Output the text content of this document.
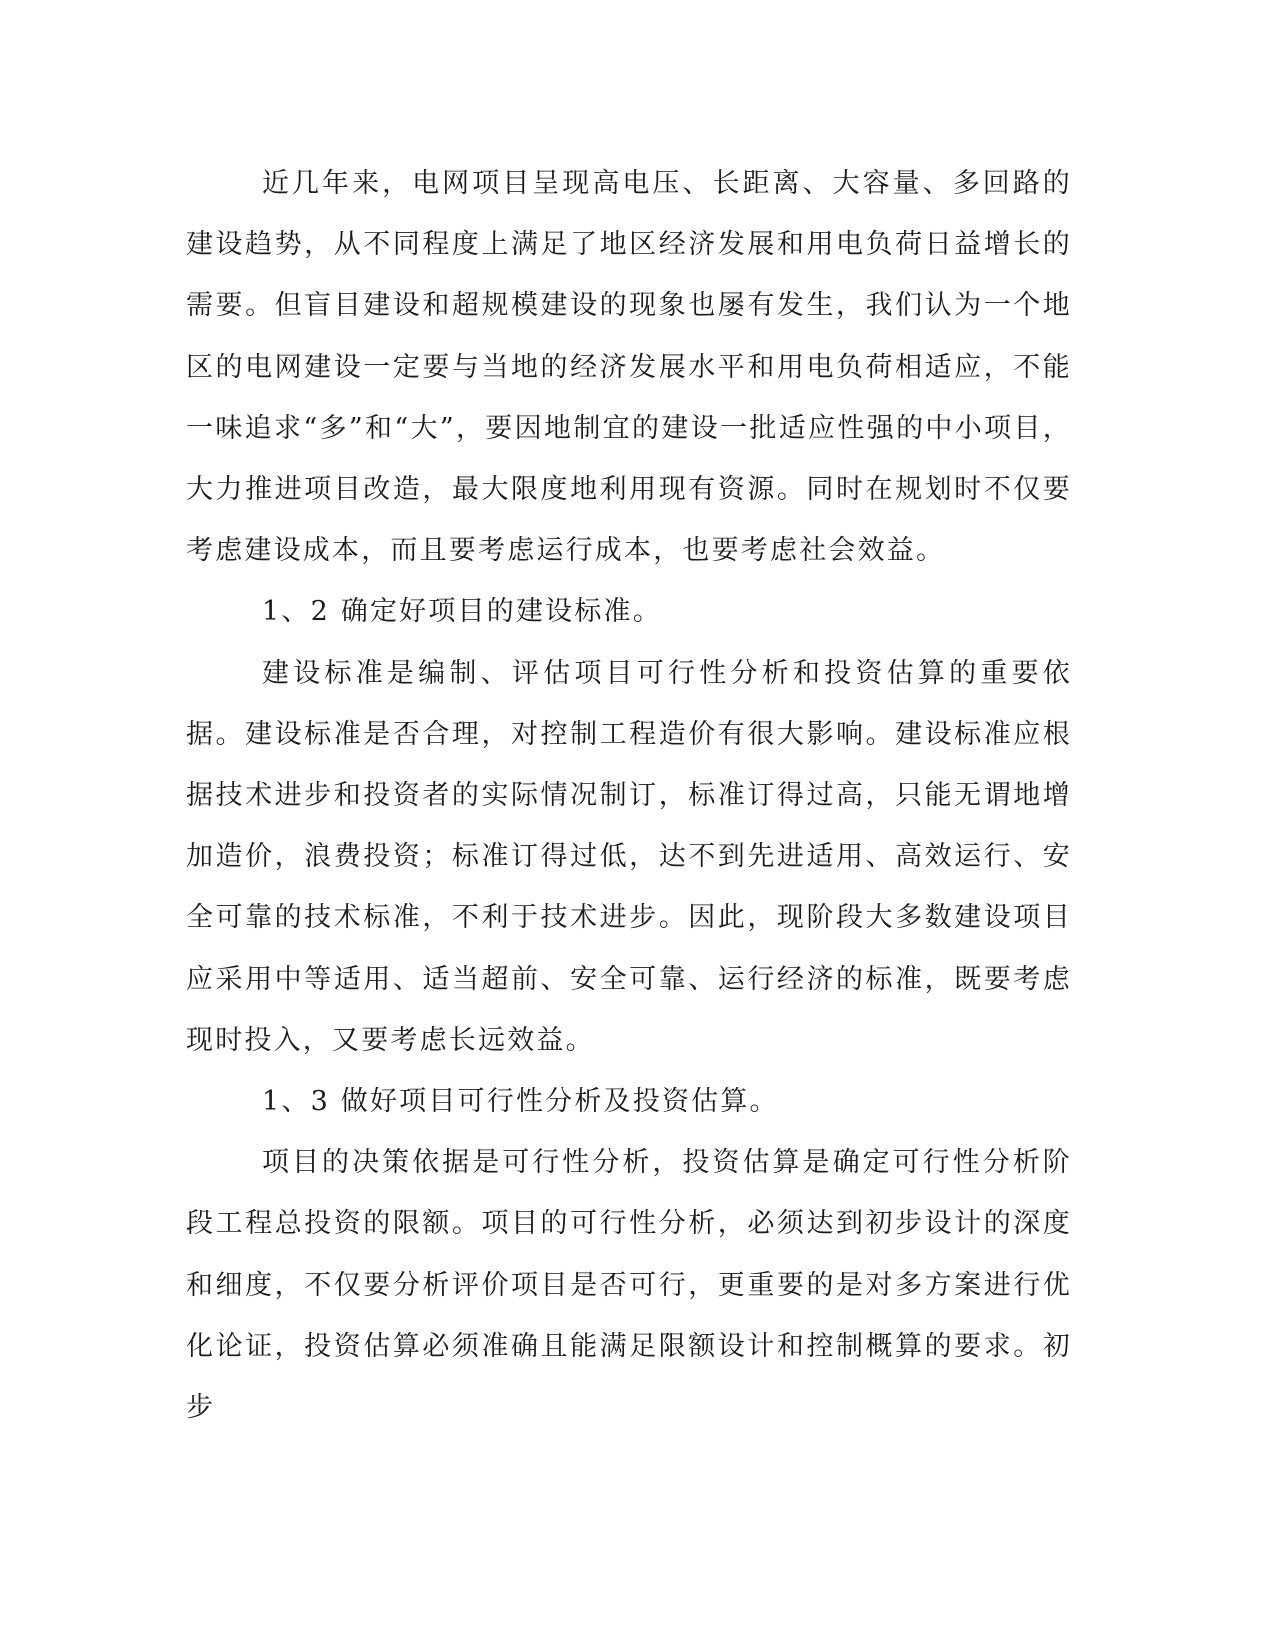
近几年来，电网项目呈现高电压、长距离、大容量、多回路的建设趋势，从不同程度上满足了地区经济发展和用电负荷日益增长的需要。但盲目建设和超规模建设的现象也屡有发生，我们认为一个地区的电网建设一定要与当地的经济发展水平和用电负荷相适应，不能一味追求“多”和“大”，要因地制宜的建设一批适应性强的中小项目，大力推进项目改造，最大限度地利用现有资源。同时在规划时不仅要考虑建设成本，而且要考虑运行成本，也要考虑社会效益。

1、2 确定好项目的建设标准。

建设标准是编制、评估项目可行性分析和投资估算的重要依据。建设标准是否合理，对控制工程造价有很大影响。建设标准应根据技术进步和投资者的实际情况制订，标准订得过高，只能无谓地增加造价，浪费投资；标准订得过低，达不到先进适用、高效运行、安全可靠的技术标准，不利于技术进步。因此，现阶段大多数建设项目应采用中等适用、适当超前、安全可靠、运行经济的标准，既要考虑现时投入，又要考虑长远效益。

1、3 做好项目可行性分析及投资估算。

项目的决策依据是可行性分析，投资估算是确定可行性分析阶段工程总投资的限额。项目的可行性分析，必须达到初步设计的深度和细度，不仅要分析评价项目是否可行，更重要的是对多方案进行优化论证，投资估算必须准确且能满足限额设计和控制概算的要求。初步
